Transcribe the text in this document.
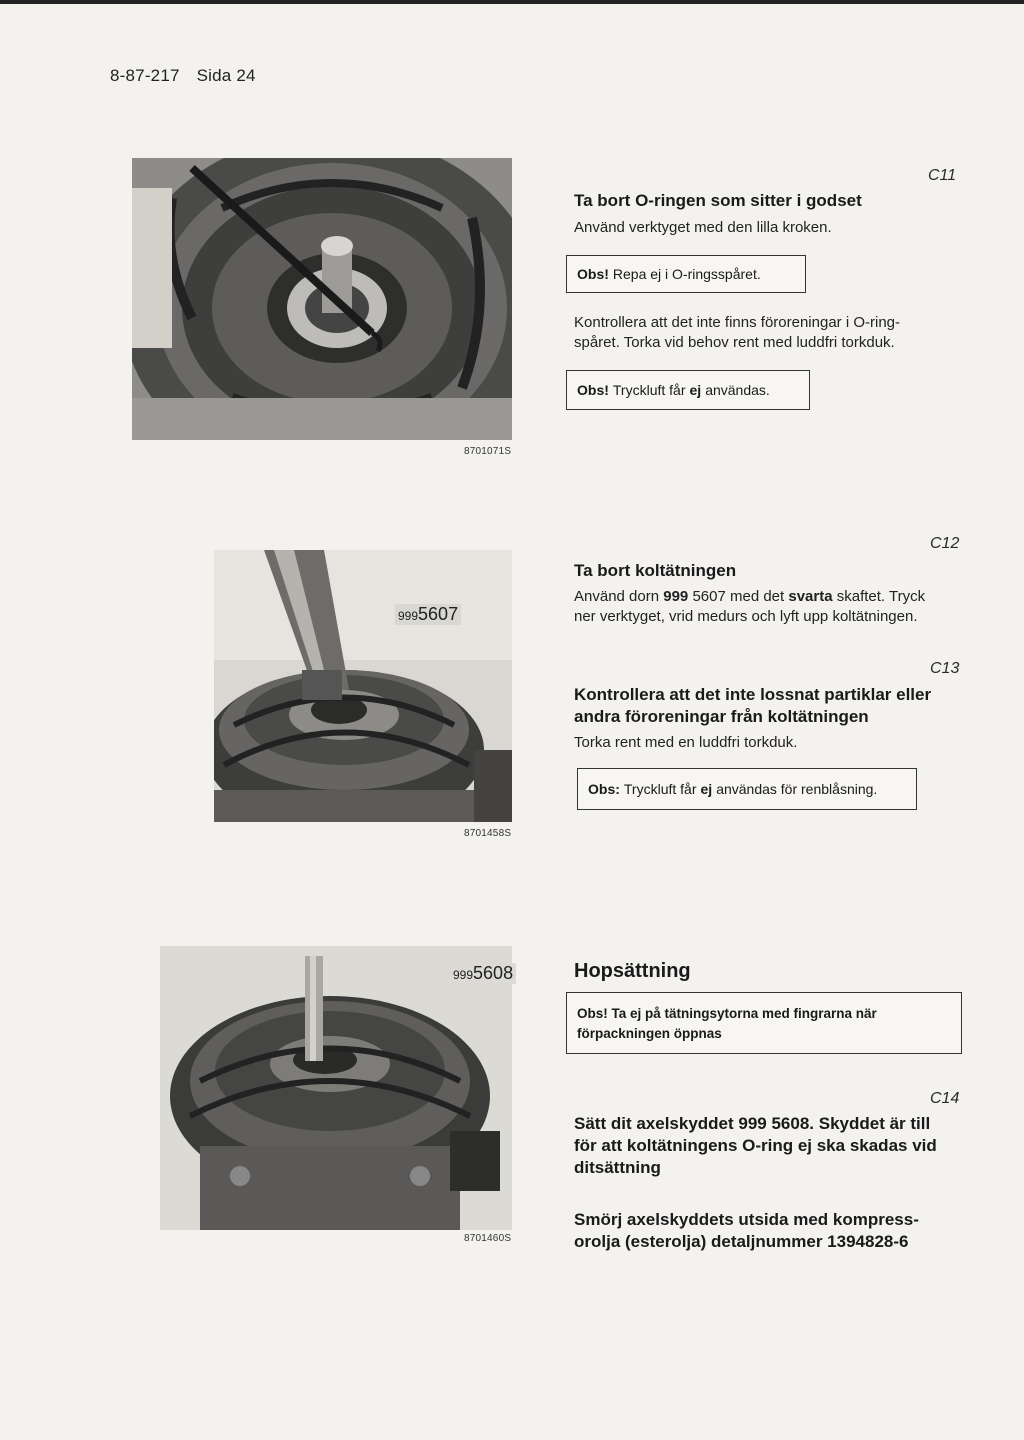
8-87-217 Sida 24
8701071S
C11
Ta bort O-ringen som sitter i godset
Använd verktyget med den lilla kroken.
Obs! Repa ej i O-ringsspåret.
Kontrollera att det inte finns föroreningar i O-ring-
spåret. Torka vid behov rent med luddfri torkduk.
Obs! Tryckluft får ej användas.
9995607
8701458S
C12
Ta bort koltätningen
Använd dorn 999 5607 med det svarta skaftet. Tryck
ner verktyget, vrid medurs och lyft upp koltätningen.
C13
Kontrollera att det inte lossnat partiklar eller
andra föroreningar från koltätningen
Torka rent med en luddfri torkduk.
Obs: Tryckluft får ej användas för renblåsning.
9995608
8701460S
Hopsättning
Obs! Ta ej på tätningsytorna med fingrarna när
förpackningen öppnas
C14
Sätt dit axelskyddet 999 5608. Skyddet är till
för att koltätningens O-ring ej ska skadas vid
ditsättning
Smörj axelskyddets utsida med kompress-
orolja (esterolja) detaljnummer 1394828-6
